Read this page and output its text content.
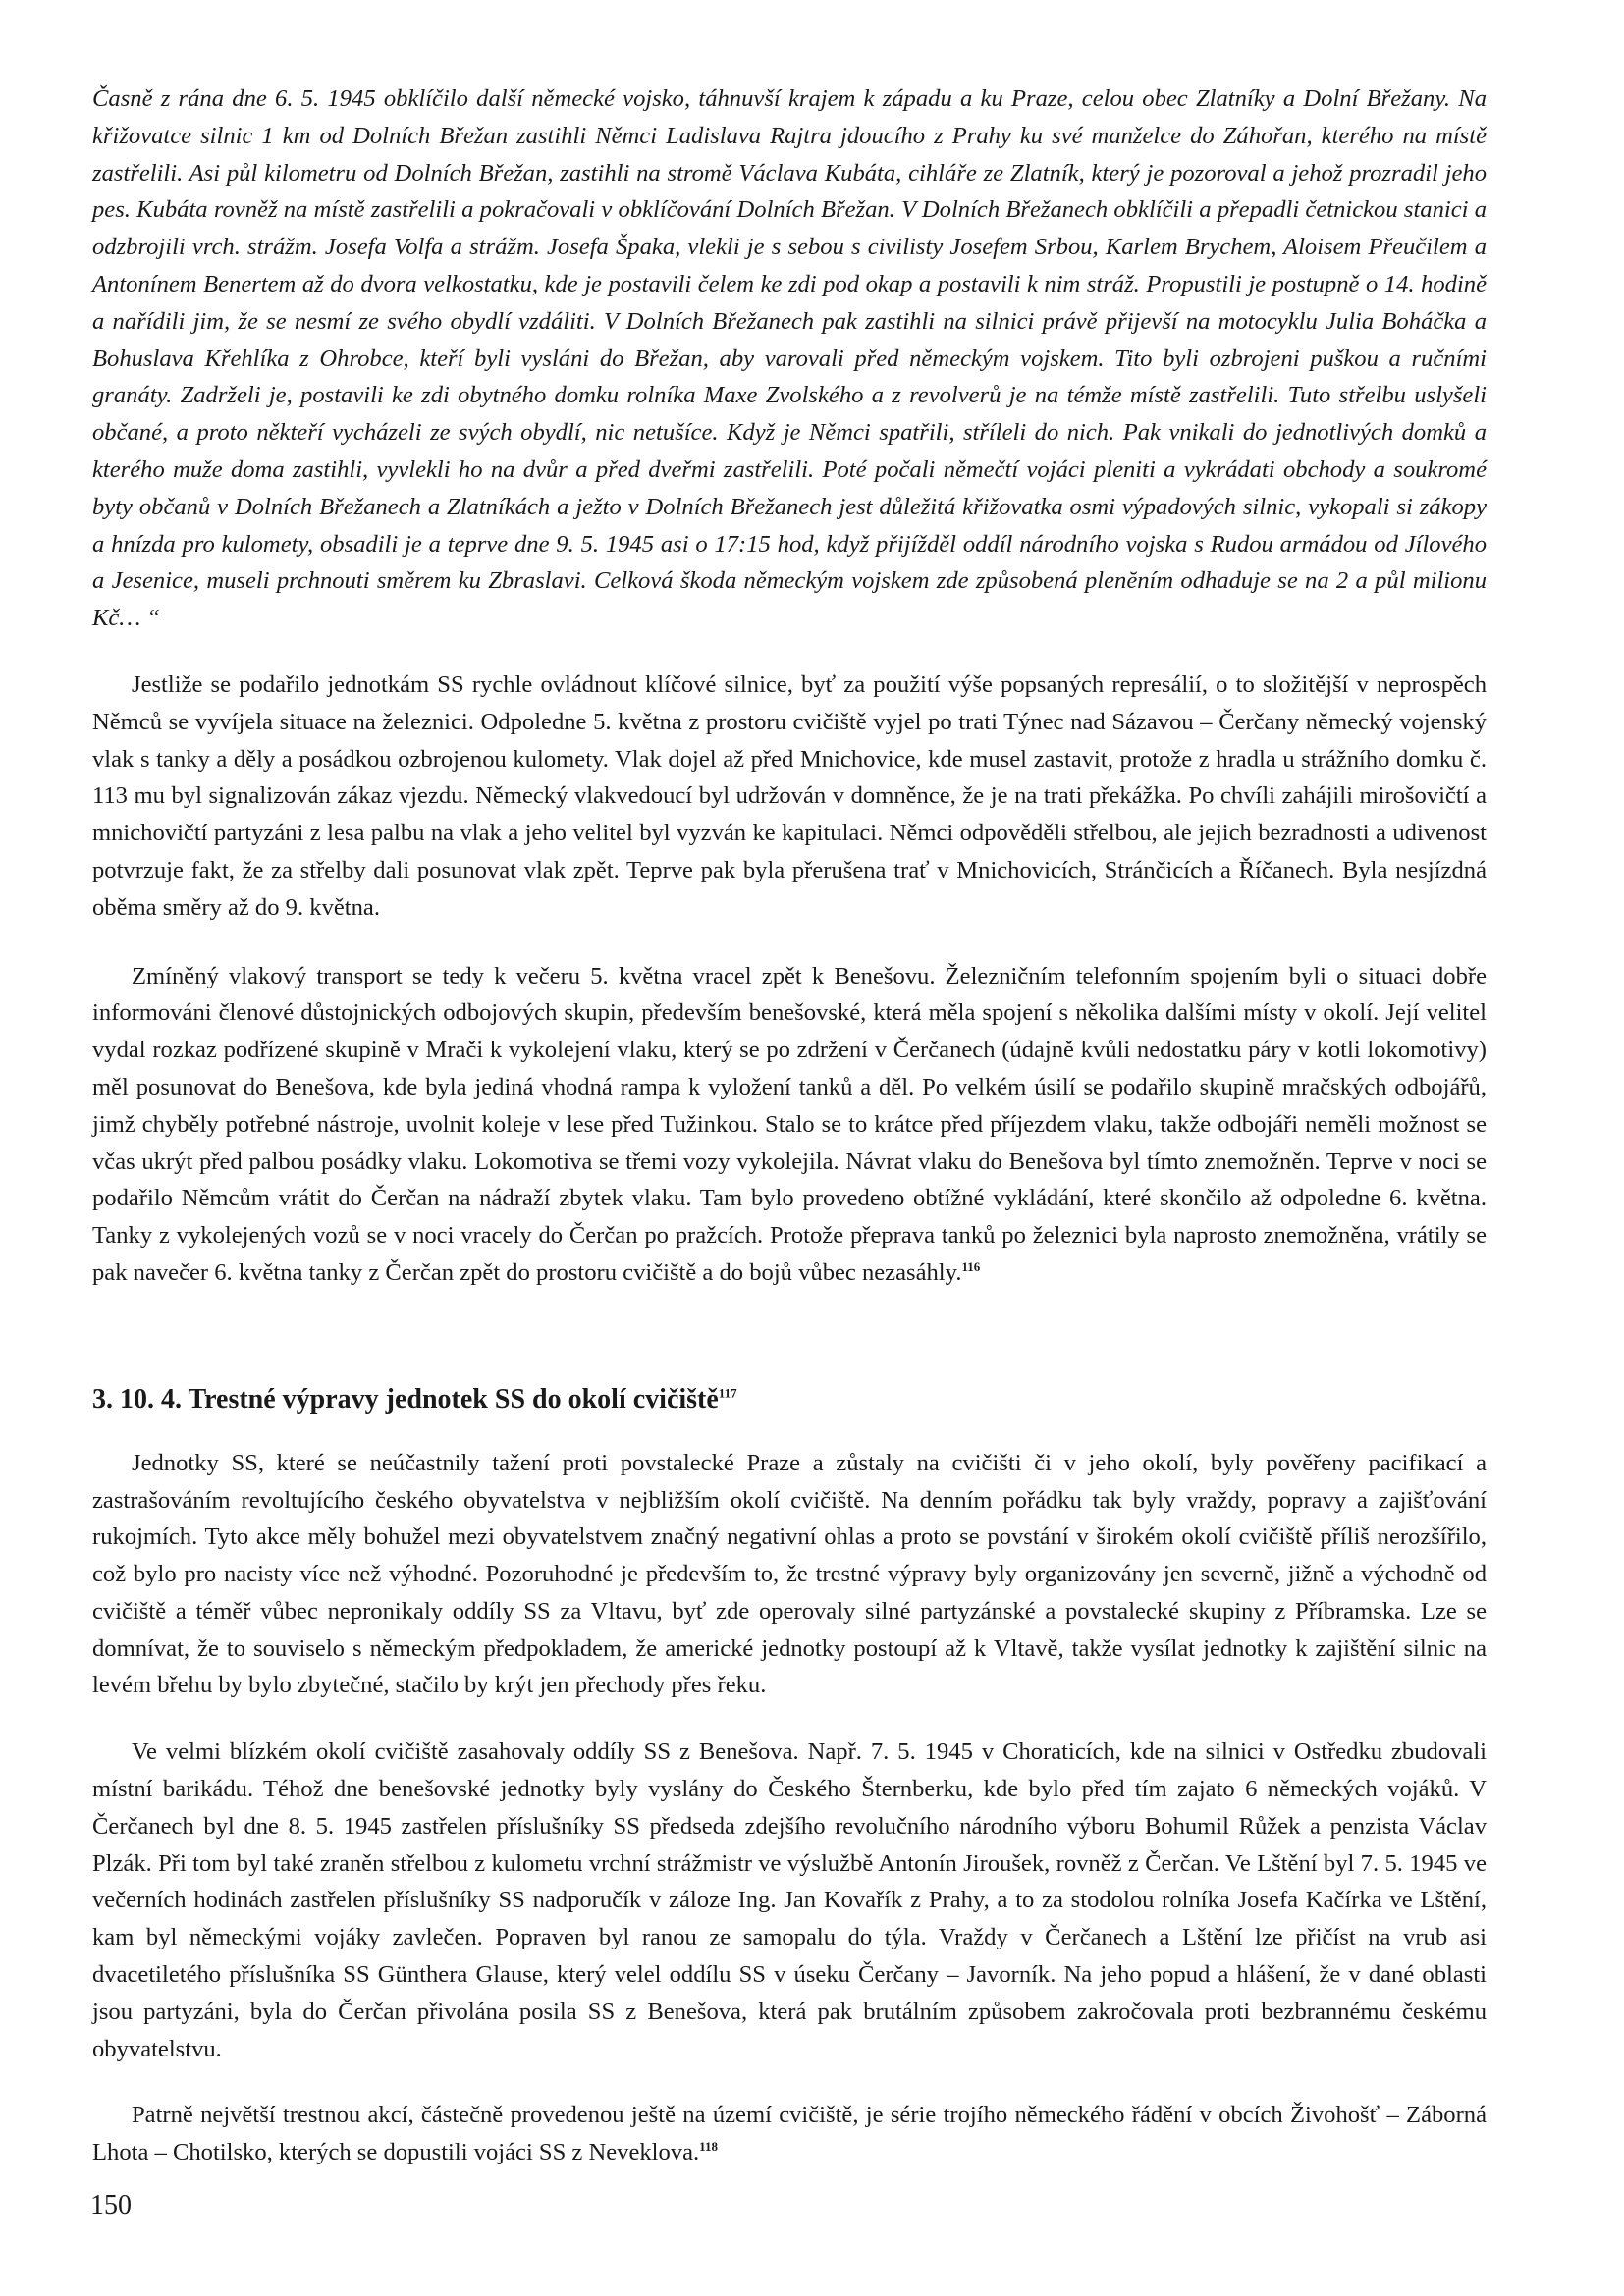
Časně z rána dne 6. 5. 1945 obklíčilo další německé vojsko, táhnuvší krajem k západu a ku Praze, celou obec Zlatníky a Dolní Břežany. Na křižovatce silnic 1 km od Dolních Břežan zastihli Němci Ladislava Rajtra jdoucího z Prahy ku své manželce do Záhořan, kterého na místě zastřelili. Asi půl kilometru od Dolních Břežan, zastihli na stromě Václava Kubáta, cihláře ze Zlatník, který je pozoroval a jehož prozradil jeho pes. Kubáta rovněž na místě zastřelili a pokračovali v obklíčování Dolních Břežan. V Dolních Břežanech obklíčili a přepadli četnickou stanici a odzbrojili vrch. strážm. Josefa Volfa a strážm. Josefa Špaka, vlekli je s sebou s civilisty Josefem Srbou, Karlem Brychem, Aloisem Přeučilem a Antonínem Benertem až do dvora velkostatku, kde je postavili čelem ke zdi pod okap a postavili k nim stráž. Propustili je postupně o 14. hodině a nařídili jim, že se nesmí ze svého obydlí vzdáliti. V Dolních Břežanech pak zastihli na silnici právě přijevší na motocyklu Julia Boháčka a Bohuslava Křehlíka z Ohrobce, kteří byli vysláni do Břežan, aby varovali před německým vojskem. Tito byli ozbrojeni puškou a ručními granáty. Zadrželi je, postavili ke zdi obytného domku rolníka Maxe Zvolského a z revolverů je na témže místě zastřelili. Tuto střelbu uslyšeli občané, a proto někteří vycházeli ze svých obydlí, nic netušíce. Když je Němci spatřili, stříleli do nich. Pak vnikali do jednotlivých domků a kterého muže doma zastihli, vyvlekli ho na dvůr a před dveřmi zastřelili. Poté počali němečtí vojáci pleniti a vykrádati obchody a soukromé byty občanů v Dolních Břežanech a Zlatníkách a ježto v Dolních Břežanech jest důležitá křižovatka osmi výpadových silnic, vykopali si zákopy a hnízda pro kulomety, obsadili je a teprve dne 9. 5. 1945 asi o 17:15 hod, když přijížděl oddíl národního vojska s Rudou armádou od Jílového a Jesenice, museli prchnouti směrem ku Zbraslavi. Celková škoda německým vojskem zde způsobená plenĕním odhaduje se na 2 a půl milionu Kč… “

Jestliže se podařilo jednotkám SS rychle ovládnout klíčové silnice, byť za použití výše popsaných represálií, o to složitější v neprospěch Němců se vyvíjela situace na železnici. Odpoledne 5. května z prostoru cvičiště vyjel po trati Týnec nad Sázavou – Čerčany německý vojenský vlak s tanky a děly a posádkou ozbrojenou kulomety. Vlak dojel až před Mnichovice, kde musel zastavit, protože z hradla u strážního domku č. 113 mu byl signalizován zákaz vjezdu. Německý vlakvedoucí byl udržován v domněnce, že je na trati překážka. Po chvíli zahájili mirošovičtí a mnichovičtí partyzáni z lesa palbu na vlak a jeho velitel byl vyzván ke kapitulaci. Němci odpověděli střelbou, ale jejich bezradnosti a udivenost potvrzuje fakt, že za střelby dali posunovat vlak zpět. Teprve pak byla přerušena trať v Mnichovicích, Stránčicích a Říčanech. Byla nesjízdná oběma směry až do 9. května.

Zmíněný vlakový transport se tedy k večeru 5. května vracel zpět k Benešovu. Železničním telefonním spojením byli o situaci dobře informováni členové důstojnických odbojových skupin, především benešovské, která měla spojení s několika dalšími místy v okolí. Její velitel vydal rozkaz podřízené skupině v Mrači k vykolejení vlaku, který se po zdržení v Čerčanech (údajně kvůli nedostatku páry v kotli lokomotivy) měl posunovat do Benešova, kde byla jediná vhodná rampa k vyložení tanků a děl. Po velkém úsilí se podařilo skupině mračských odbojářů, jimž chyběly potřebné nástroje, uvolnit koleje v lese před Tužinkou. Stalo se to krátce před příjezdem vlaku, takže odbojáři neměli možnost se včas ukrýt před palbou posádky vlaku. Lokomotiva se třemi vozy vykolejila. Návrat vlaku do Benešova byl tímto znemožněn. Teprve v noci se podařilo Němcům vrátit do Čerčan na nádraží zbytek vlaku. Tam bylo provedeno obtížné vykládání, které skončilo až odpoledne 6. května. Tanky z vykolejených vozů se v noci vracely do Čerčan po pražcích. Protože přeprava tanků po železnici byla naprosto znemožněna, vrátily se pak navečer 6. května tanky z Čerčan zpět do prostoru cvičiště a do bojů vůbec nezasáhly.$^{116}$

3. 10. 4. Trestné výpravy jednotek SS do okolí cvičiště$^{117}$

Jednotky SS, které se neúčastnily tažení proti povstalecké Praze a zůstaly na cvičišti či v jeho okolí, byly pověřeny pacifikací a zastrašováním revoltujícího českého obyvatelstva v nejbližším okolí cvičiště. Na denním pořádku tak byly vraždy, popravy a zajišťování rukojmích. Tyto akce měly bohužel mezi obyvatelstvem značný negativní ohlas a proto se povstání v širokém okolí cvičiště příliš nerozšířilo, což bylo pro nacisty více než výhodné. Pozoruhodné je především to, že trestné výpravy byly organizovány jen severně, jižně a východně od cvičiště a téměř vůbec nepronikaly oddíly SS za Vltavu, byť zde operovaly silné partyzánské a povstalecké skupiny z Příbramska. Lze se domnívat, že to souviselo s německým předpokladem, že americké jednotky postoupí až k Vltavě, takže vysílat jednotky k zajištění silnic na levém břehu by bylo zbytečné, stačilo by krýt jen přechody přes řeku.

Ve velmi blízkém okolí cvičiště zasahovaly oddíly SS z Benešova. Např. 7. 5. 1945 v Choraticích, kde na silnici v Ostředku zbudovali místní barikádu. Téhož dne benešovské jednotky byly vyslány do Českého Šternberku, kde bylo před tím zajato 6 německých vojáků. V Čerčanech byl dne 8. 5. 1945 zastřelen příslušníky SS předseda zdejšího revolučního národního výboru Bohumil Růžek a penzista Václav Plzák. Při tom byl také zraněn střelbou z kulometu vrchní strážmistr ve výslužbě Antonín Jiroušek, rovněž z Čerčan. Ve Lštění byl 7. 5. 1945 ve večerních hodinách zastřelen příslušníky SS nadporučík v záloze Ing. Jan Kovařík z Prahy, a to za stodolou rolníka Josefa Kačírka ve Lštění, kam byl německými vojáky zavlečen. Popraven byl ranou ze samopalu do týla. Vraždy v Čerčanech a Lštění lze přičíst na vrub asi dvacetiletého příslušníka SS Günthera Glause, který velel oddílu SS v úseku Čerčany – Javorník. Na jeho popud a hlášení, že v dané oblasti jsou partyzáni, byla do Čerčan přivolána posila SS z Benešova, která pak brutálním způsobem zakročovala proti bezbrannému českému obyvatelstvu.

Patrně největší trestnou akcí, částečně provedenou ještě na území cvičiště, je série trojího německého řádění v obcích Živohošť – Záborná Lhota – Chotilsko, kterých se dopustili vojáci SS z Neveklova.$^{118}$

150
